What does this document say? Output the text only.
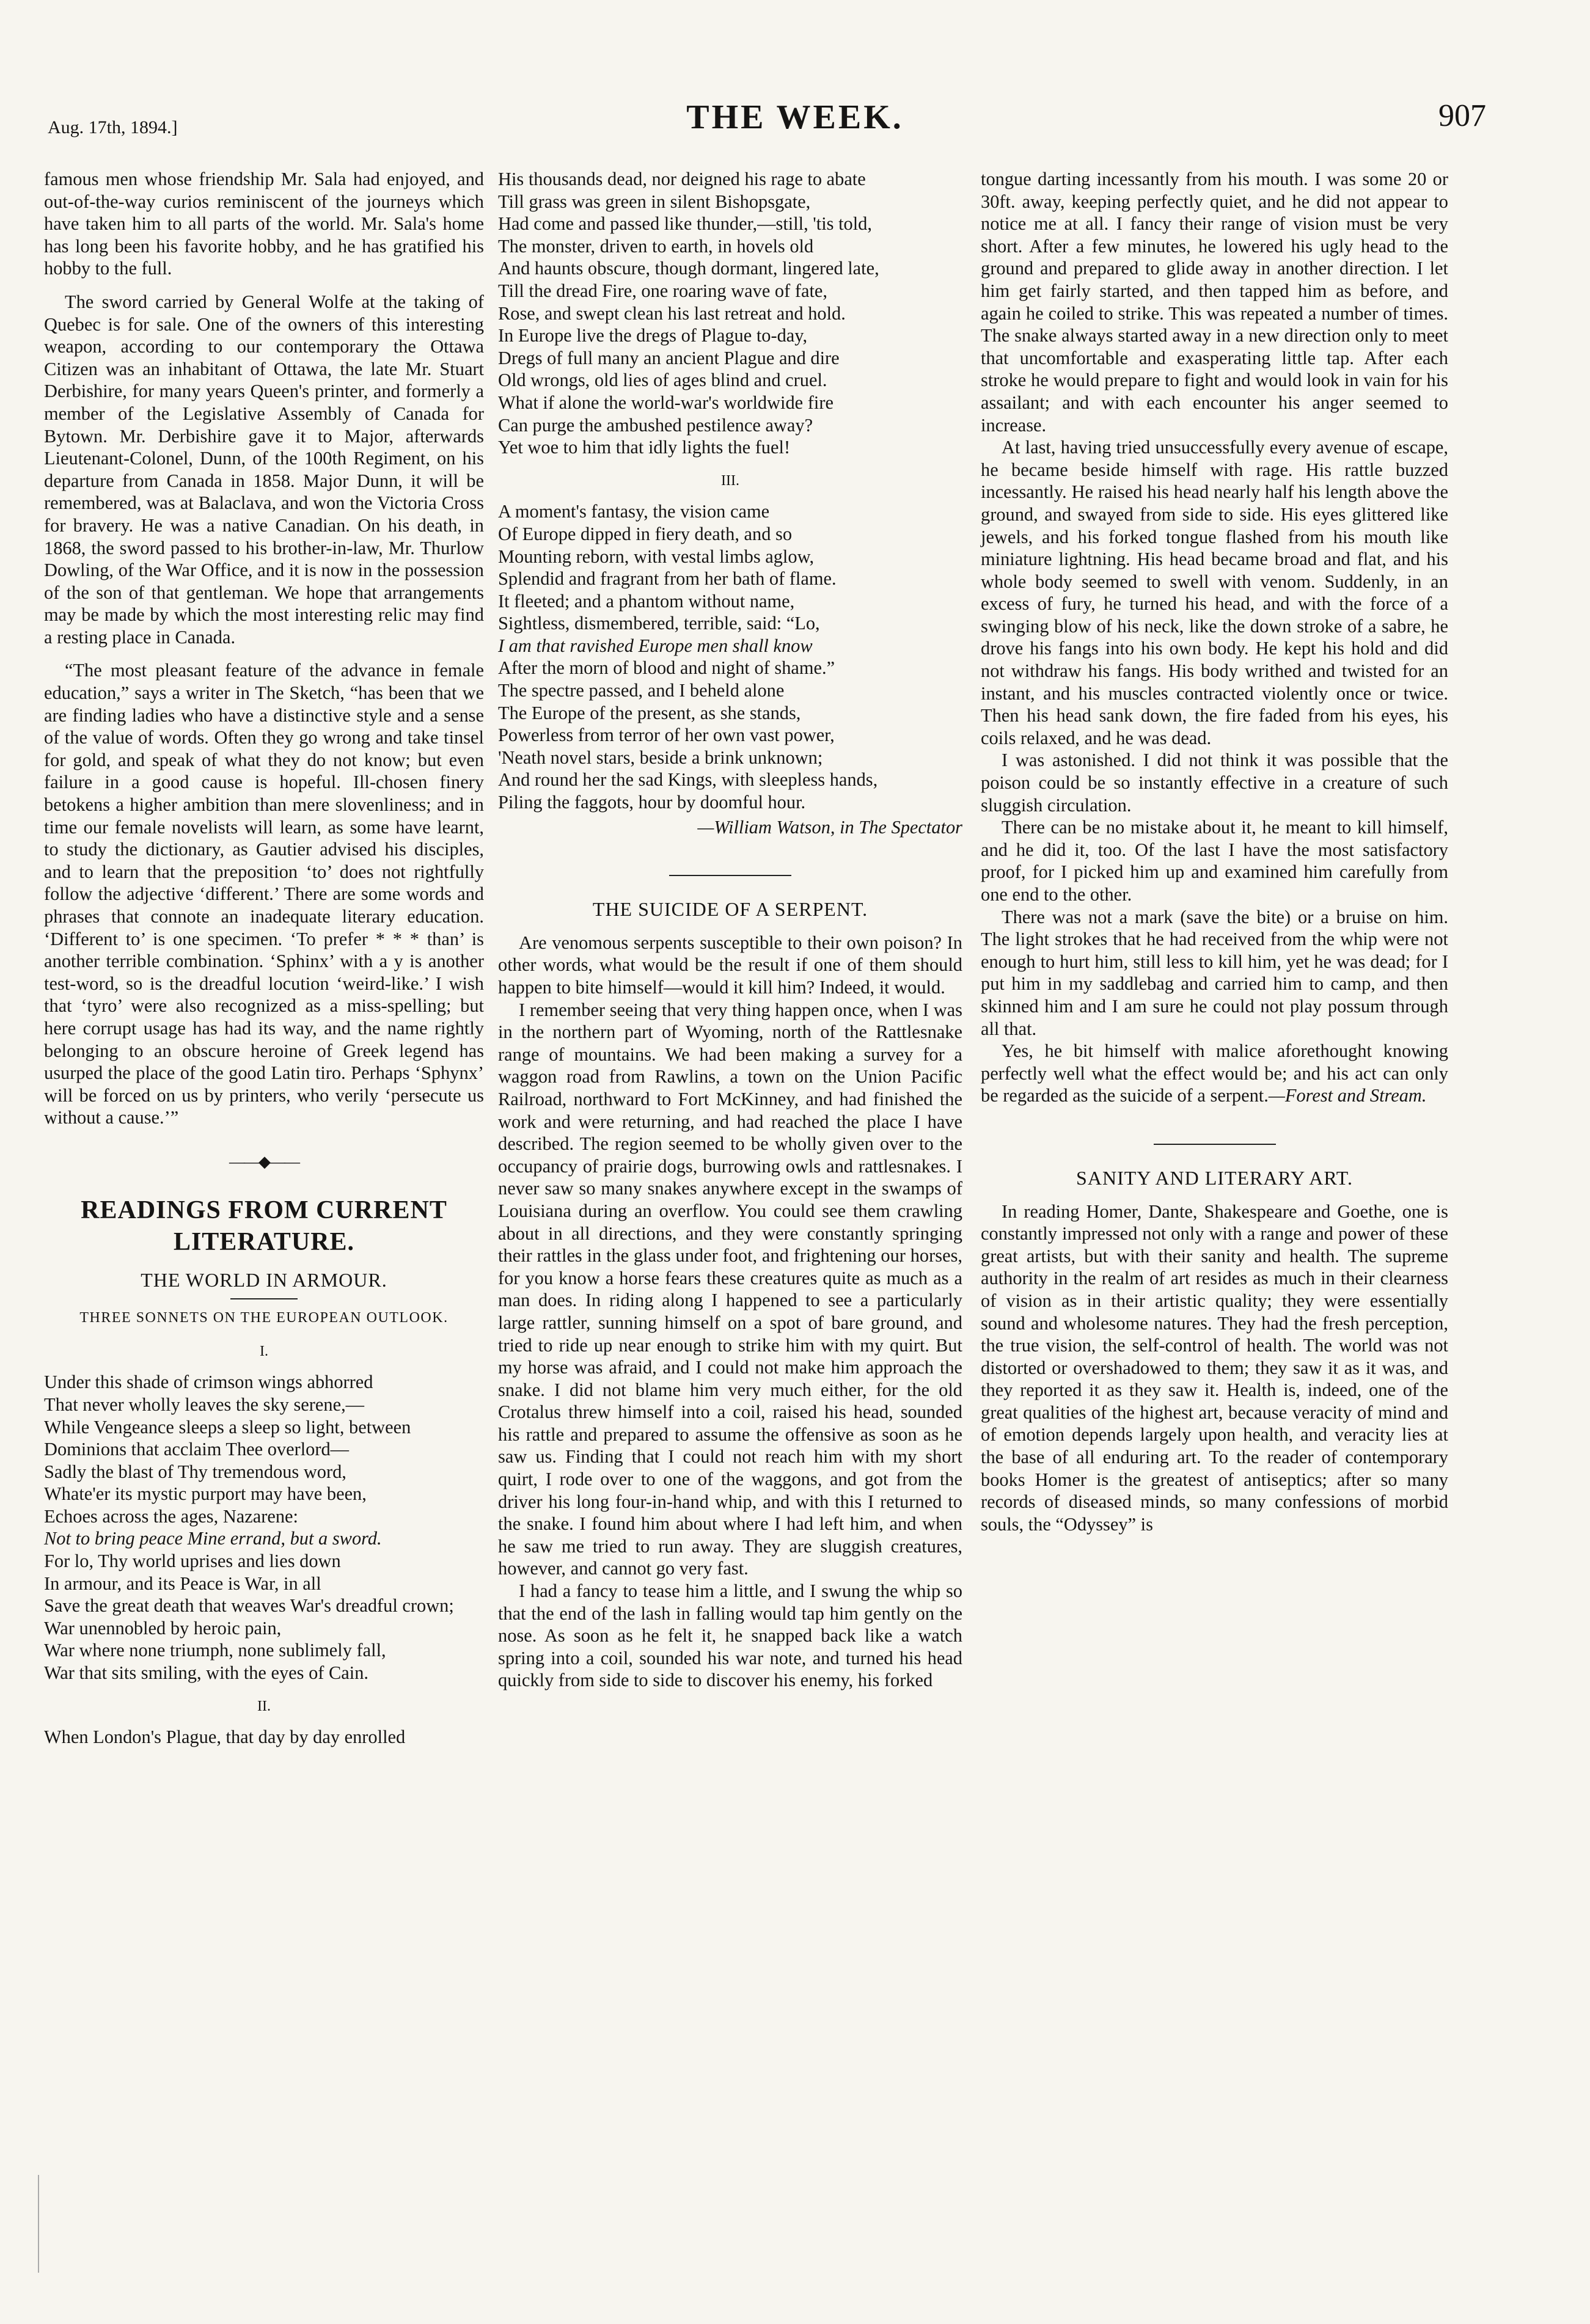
Aug. 17th, 1894.]	THE WEEK.	907

famous men whose friendship Mr. Sala had enjoyed, and out-of-the-way curios reminiscent of the journeys which have taken him to all parts of the world. Mr. Sala's home has long been his favorite hobby, and he has gratified his hobby to the full.

The sword carried by General Wolfe at the taking of Quebec is for sale. One of the owners of this interesting weapon, according to our contemporary the Ottawa Citizen was an inhabitant of Ottawa, the late Mr. Stuart Derbishire, for many years Queen's printer, and formerly a member of the Legislative Assembly of Canada for Bytown. Mr. Derbishire gave it to Major, afterwards Lieutenant-Colonel, Dunn, of the 100th Regiment, on his departure from Canada in 1858. Major Dunn, it will be remembered, was at Balaclava, and won the Victoria Cross for bravery. He was a native Canadian. On his death, in 1868, the sword passed to his brother-in-law, Mr. Thurlow Dowling, of the War Office, and it is now in the possession of the son of that gentleman. We hope that arrangements may be made by which the most interesting relic may find a resting place in Canada.

“The most pleasant feature of the advance in female education,” says a writer in The Sketch, “has been that we are finding ladies who have a distinctive style and a sense of the value of words. Often they go wrong and take tinsel for gold, and speak of what they do not know; but even failure in a good cause is hopeful. Ill-chosen finery betokens a higher ambition than mere slovenliness; and in time our female novelists will learn, as some have learnt, to study the dictionary, as Gautier advised his disciples, and to learn that the preposition ‘to’ does not rightfully follow the adjective ‘different.’ There are some words and phrases that connote an inadequate literary education. ‘Different to’ is one specimen. ‘To prefer * * * than’ is another terrible combination. ‘Sphinx’ with a y is another test-word, so is the dreadful locution ‘weird-like.’ I wish that ‘tyro’ were also recognized as a miss-spelling; but here corrupt usage has had its way, and the name rightly belonging to an obscure heroine of Greek legend has usurped the place of the good Latin tiro. Perhaps ‘Sphynx’ will be forced on us by printers, who verily ‘persecute us without a cause.’”

——◆——
READINGS FROM CURRENT
LITERATURE.
THE WORLD IN ARMOUR.
THREE SONNETS ON THE EUROPEAN OUTLOOK.
I.
Under this shade of crimson wings abhorred
That never wholly leaves the sky serene,—
While Vengeance sleeps a sleep so light, between
Dominions that acclaim Thee overlord—
Sadly the blast of Thy tremendous word,
Whate'er its mystic purport may have been,
Echoes across the ages, Nazarene:
Not to bring peace Mine errand, but a sword.
For lo, Thy world uprises and lies down
In armour, and its Peace is War, in all
Save the great death that weaves War's dreadful crown;
War unennobled by heroic pain,
War where none triumph, none sublimely fall,
War that sits smiling, with the eyes of Cain.
II.
When London's Plague, that day by day enrolled
His thousands dead, nor deigned his rage to abate
Till grass was green in silent Bishopsgate,
Had come and passed like thunder,—still, 'tis told,
The monster, driven to earth, in hovels old
And haunts obscure, though dormant, lingered late,
Till the dread Fire, one roaring wave of fate,
Rose, and swept clean his last retreat and hold.
In Europe live the dregs of Plague to-day,
Dregs of full many an ancient Plague and dire
Old wrongs, old lies of ages blind and cruel.
What if alone the world-war's worldwide fire
Can purge the ambushed pestilence away?
Yet woe to him that idly lights the fuel!
III.
A moment's fantasy, the vision came
Of Europe dipped in fiery death, and so
Mounting reborn, with vestal limbs aglow,
Splendid and fragrant from her bath of flame.
It fleeted; and a phantom without name,
Sightless, dismembered, terrible, said: “Lo,
I am that ravished Europe men shall know
After the morn of blood and night of shame.”
The spectre passed, and I beheld alone
The Europe of the present, as she stands,
Powerless from terror of her own vast power,
'Neath novel stars, beside a brink unknown;
And round her the sad Kings, with sleepless hands,
Piling the faggots, hour by doomful hour.
—William Watson, in The Spectator
THE SUICIDE OF A SERPENT.

Are venomous serpents susceptible to their own poison? In other words, what would be the result if one of them should happen to bite himself—would it kill him? Indeed, it would.

I remember seeing that very thing happen once, when I was in the northern part of Wyoming, north of the Rattlesnake range of mountains. We had been making a survey for a waggon road from Rawlins, a town on the Union Pacific Railroad, northward to Fort McKinney, and had finished the work and were returning, and had reached the place I have described. The region seemed to be wholly given over to the occupancy of prairie dogs, burrowing owls and rattlesnakes. I never saw so many snakes anywhere except in the swamps of Louisiana during an overflow. You could see them crawling about in all directions, and they were constantly springing their rattles in the glass under foot, and frightening our horses, for you know a horse fears these creatures quite as much as a man does. In riding along I happened to see a particularly large rattler, sunning himself on a spot of bare ground, and tried to ride up near enough to strike him with my quirt. But my horse was afraid, and I could not make him approach the snake. I did not blame him very much either, for the old Crotalus threw himself into a coil, raised his head, sounded his rattle and prepared to assume the offensive as soon as he saw us. Finding that I could not reach him with my short quirt, I rode over to one of the waggons, and got from the driver his long four-in-hand whip, and with this I returned to the snake. I found him about where I had left him, and when he saw me tried to run away. They are sluggish creatures, however, and cannot go very fast.

I had a fancy to tease him a little, and I swung the whip so that the end of the lash in falling would tap him gently on the nose. As soon as he felt it, he snapped back like a watch spring into a coil, sounded his war note, and turned his head quickly from side to side to discover his enemy, his forked

tongue darting incessantly from his mouth. I was some 20 or 30ft. away, keeping perfectly quiet, and he did not appear to notice me at all. I fancy their range of vision must be very short. After a few minutes, he lowered his ugly head to the ground and prepared to glide away in another direction. I let him get fairly started, and then tapped him as before, and again he coiled to strike. This was repeated a number of times. The snake always started away in a new direction only to meet that uncomfortable and exasperating little tap. After each stroke he would prepare to fight and would look in vain for his assailant; and with each encounter his anger seemed to increase.

At last, having tried unsuccessfully every avenue of escape, he became beside himself with rage. His rattle buzzed incessantly. He raised his head nearly half his length above the ground, and swayed from side to side. His eyes glittered like jewels, and his forked tongue flashed from his mouth like miniature lightning. His head became broad and flat, and his whole body seemed to swell with venom. Suddenly, in an excess of fury, he turned his head, and with the force of a swinging blow of his neck, like the down stroke of a sabre, he drove his fangs into his own body. He kept his hold and did not withdraw his fangs. His body writhed and twisted for an instant, and his muscles contracted violently once or twice. Then his head sank down, the fire faded from his eyes, his coils relaxed, and he was dead.

I was astonished. I did not think it was possible that the poison could be so instantly effective in a creature of such sluggish circulation.

There can be no mistake about it, he meant to kill himself, and he did it, too. Of the last I have the most satisfactory proof, for I picked him up and examined him carefully from one end to the other.

There was not a mark (save the bite) or a bruise on him. The light strokes that he had received from the whip were not enough to hurt him, still less to kill him, yet he was dead; for I put him in my saddlebag and carried him to camp, and then skinned him and I am sure he could not play possum through all that.

Yes, he bit himself with malice aforethought knowing perfectly well what the effect would be; and his act can only be regarded as the suicide of a serpent.—Forest and Stream.

SANITY AND LITERARY ART.

In reading Homer, Dante, Shakespeare and Goethe, one is constantly impressed not only with a range and power of these great artists, but with their sanity and health. The supreme authority in the realm of art resides as much in their clearness of vision as in their artistic quality; they were essentially sound and wholesome natures. They had the fresh perception, the true vision, the self-control of health. The world was not distorted or overshadowed to them; they saw it as it was, and they reported it as they saw it. Health is, indeed, one of the great qualities of the highest art, because veracity of mind and of emotion depends largely upon health, and veracity lies at the base of all enduring art. To the reader of contemporary books Homer is the greatest of antiseptics; after so many records of diseased minds, so many confessions of morbid souls, the “Odyssey” is
